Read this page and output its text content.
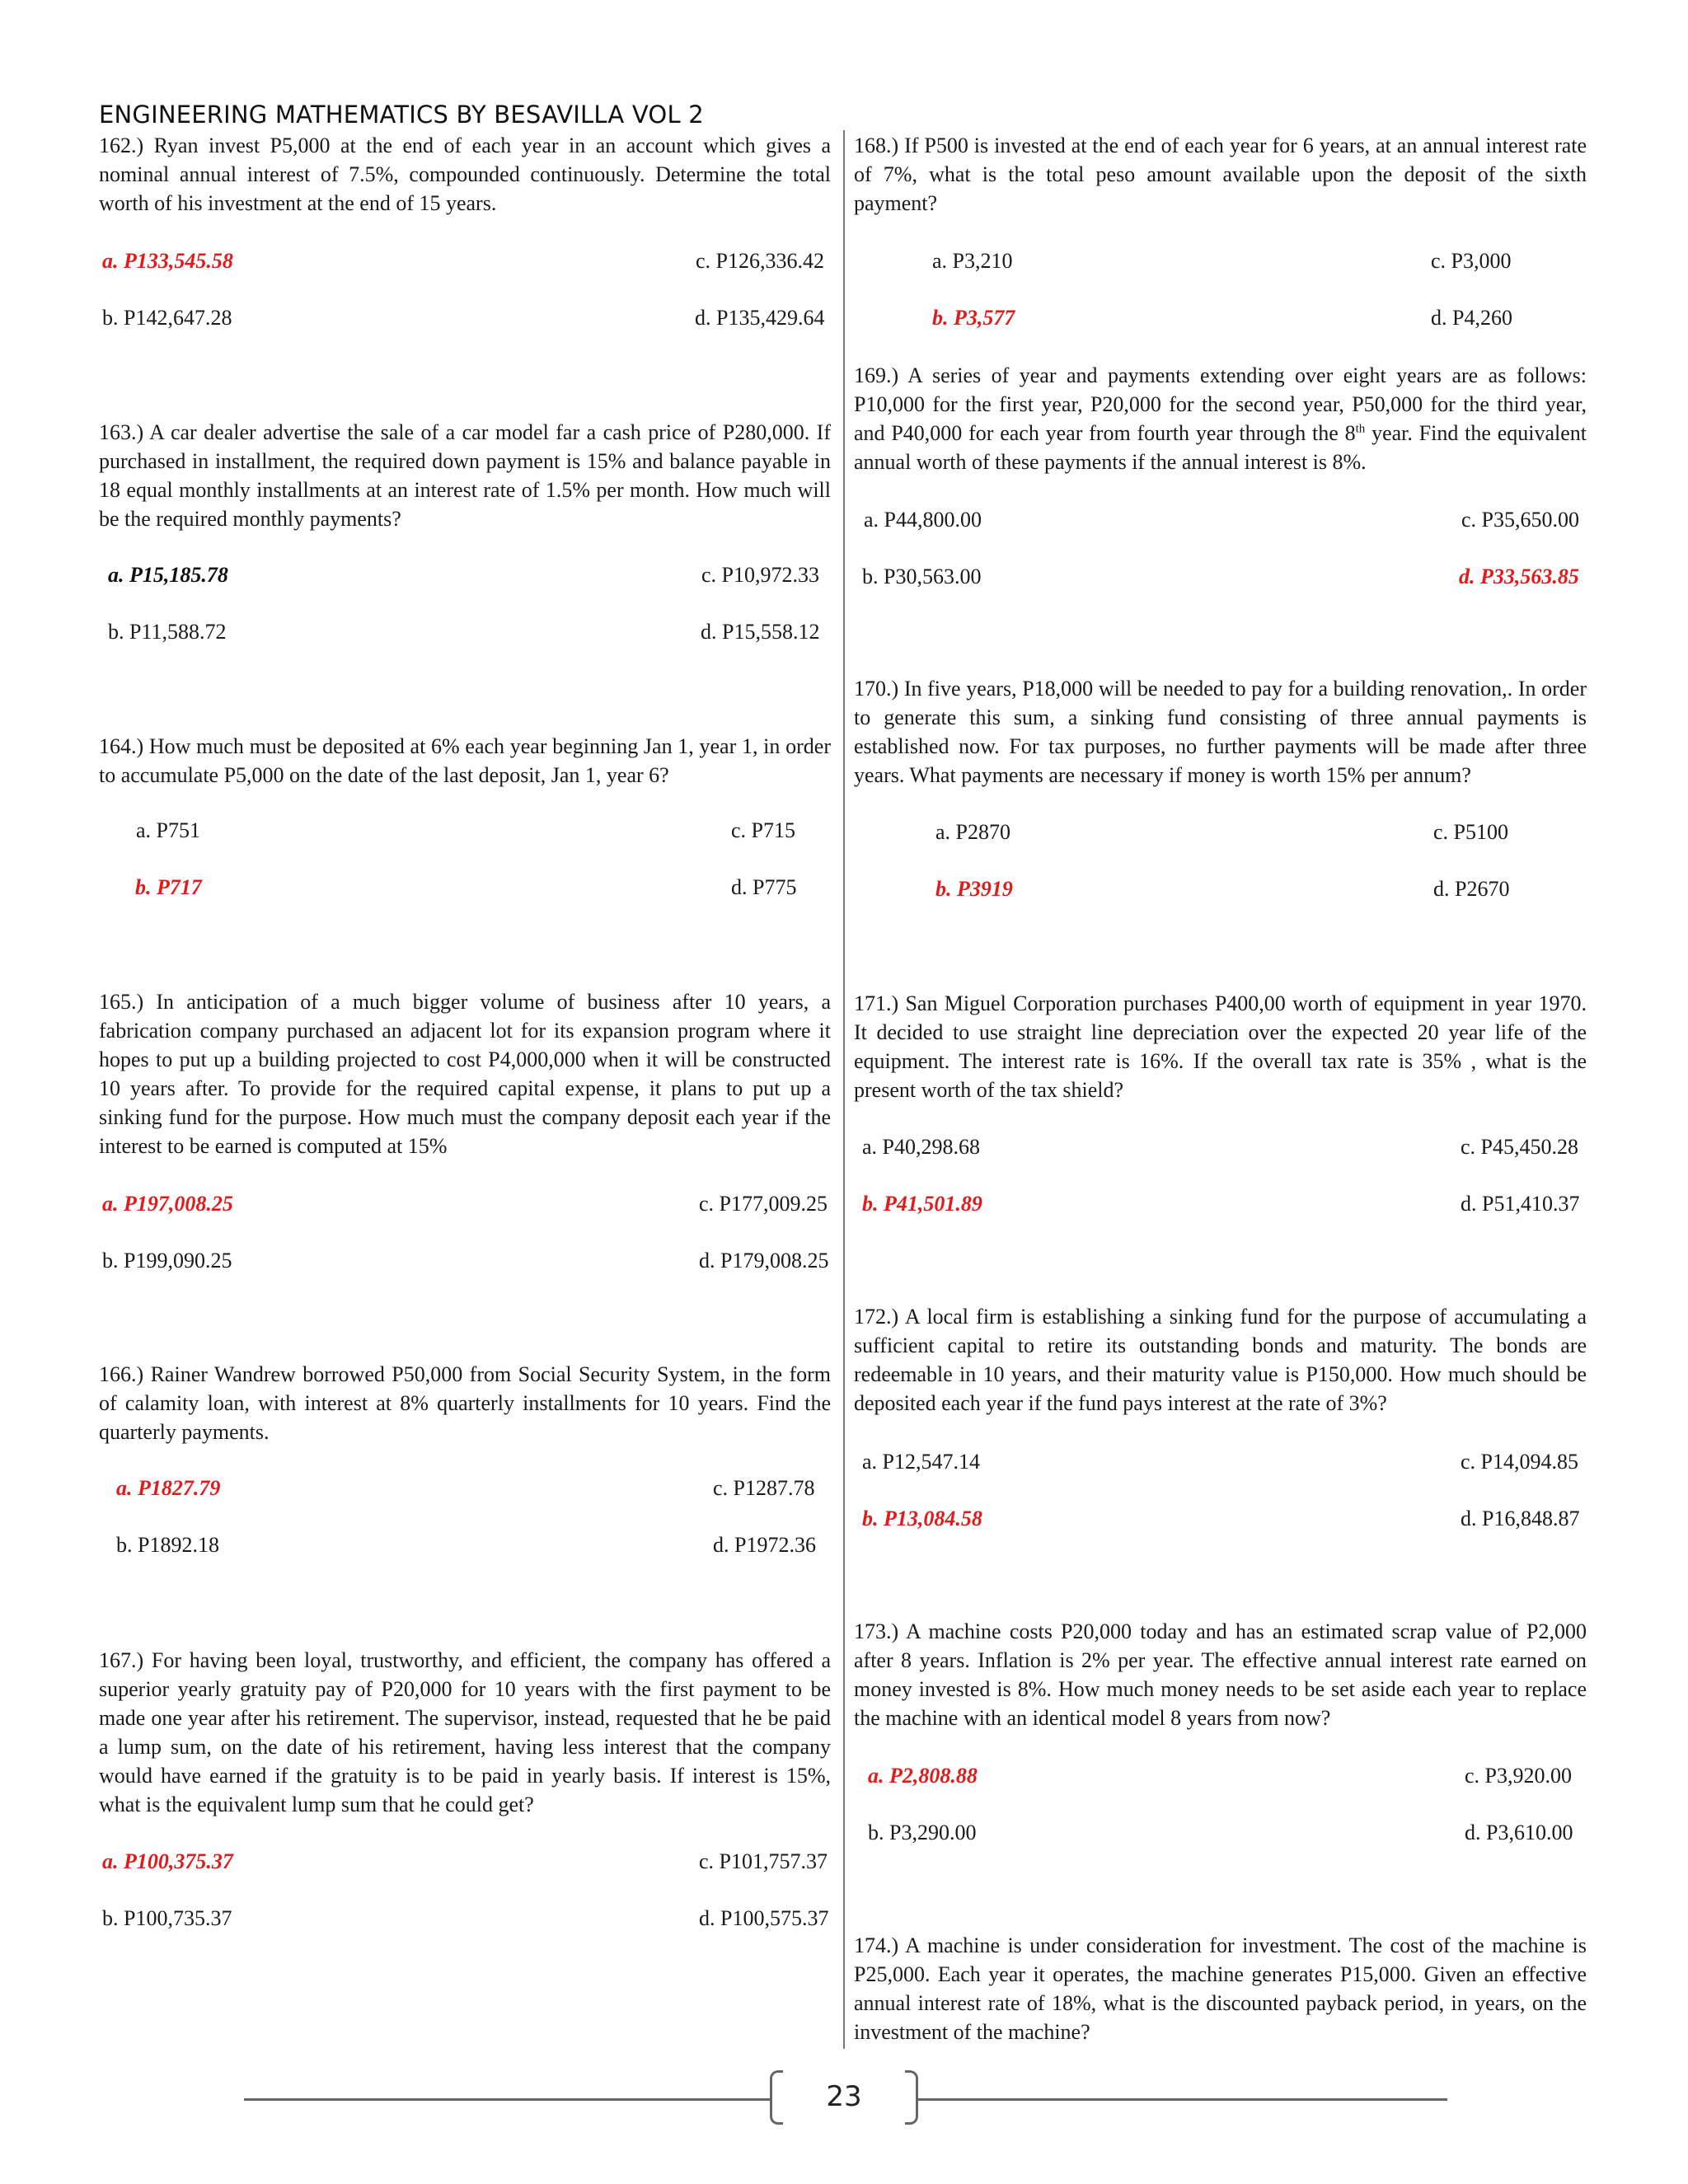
ENGINEERING MATHEMATICS BY BESAVILLA VOL 2

162.) Ryan invest P5,000 at the end of each year in an account which gives a nominal annual interest of 7.5%, compounded continuously. Determine the total worth of his investment at the end of 15 years.

a. P133,545.58	c. P126,336.42
b. P142,647.28	d. P135,429.64

163.) A car dealer advertise the sale of a car model far a cash price of P280,000. If purchased in installment, the required down payment is 15% and balance payable in 18 equal monthly installments at an interest rate of 1.5% per month. How much will be the required monthly payments?

a. P15,185.78	c. P10,972.33
b. P11,588.72	d. P15,558.12

164.) How much must be deposited at 6% each year beginning Jan 1, year 1, in order to accumulate P5,000 on the date of the last deposit, Jan 1, year 6?

a. P751	c. P715
b. P717	d. P775

165.) In anticipation of a much bigger volume of business after 10 years, a fabrication company purchased an adjacent lot for its expansion program where it hopes to put up a building projected to cost P4,000,000 when it will be constructed 10 years after. To provide for the required capital expense, it plans to put up a sinking fund for the purpose. How much must the company deposit each year if the interest to be earned is computed at 15%

a. P197,008.25	c. P177,009.25
b. P199,090.25	d. P179,008.25

166.) Rainer Wandrew borrowed P50,000 from Social Security System, in the form of calamity loan, with interest at 8% quarterly installments for 10 years. Find the quarterly payments.

a. P1827.79	c. P1287.78
b. P1892.18	d. P1972.36

167.) For having been loyal, trustworthy, and efficient, the company has offered a superior yearly gratuity pay of P20,000 for 10 years with the first payment to be made one year after his retirement. The supervisor, instead, requested that he be paid a lump sum, on the date of his retirement, having less interest that the company would have earned if the gratuity is to be paid in yearly basis. If interest is 15%, what is the equivalent lump sum that he could get?

a. P100,375.37	c. P101,757.37
b. P100,735.37	d. P100,575.37

168.) If P500 is invested at the end of each year for 6 years, at an annual interest rate of 7%, what is the total peso amount available upon the deposit of the sixth payment?

a. P3,210	c. P3,000
b. P3,577	d. P4,260

169.) A series of year and payments extending over eight years are as follows: P10,000 for the first year, P20,000 for the second year, P50,000 for the third year, and P40,000 for each year from fourth year through the 8th year. Find the equivalent annual worth of these payments if the annual interest is 8%.

a. P44,800.00	c. P35,650.00
b. P30,563.00	d. P33,563.85

170.) In five years, P18,000 will be needed to pay for a building renovation,. In order to generate this sum, a sinking fund consisting of three annual payments is established now. For tax purposes, no further payments will be made after three years. What payments are necessary if money is worth 15% per annum?

a. P2870	c. P5100
b. P3919	d. P2670

171.) San Miguel Corporation purchases P400,00 worth of equipment in year 1970. It decided to use straight line depreciation over the expected 20 year life of the equipment. The interest rate is 16%. If the overall tax rate is 35% , what is the present worth of the tax shield?

a. P40,298.68	c. P45,450.28
b. P41,501.89	d. P51,410.37

172.) A local firm is establishing a sinking fund for the purpose of accumulating a sufficient capital to retire its outstanding bonds and maturity. The bonds are redeemable in 10 years, and their maturity value is P150,000. How much should be deposited each year if the fund pays interest at the rate of 3%?

a. P12,547.14	c. P14,094.85
b. P13,084.58	d. P16,848.87

173.) A machine costs P20,000 today and has an estimated scrap value of P2,000 after 8 years. Inflation is 2% per year. The effective annual interest rate earned on money invested is 8%. How much money needs to be set aside each year to replace the machine with an identical model 8 years from now?

a. P2,808.88	c. P3,920.00
b. P3,290.00	d. P3,610.00

174.) A machine is under consideration for investment. The cost of the machine is P25,000. Each year it operates, the machine generates P15,000. Given an effective annual interest rate of 18%, what is the discounted payback period, in years, on the investment of the machine?

23
